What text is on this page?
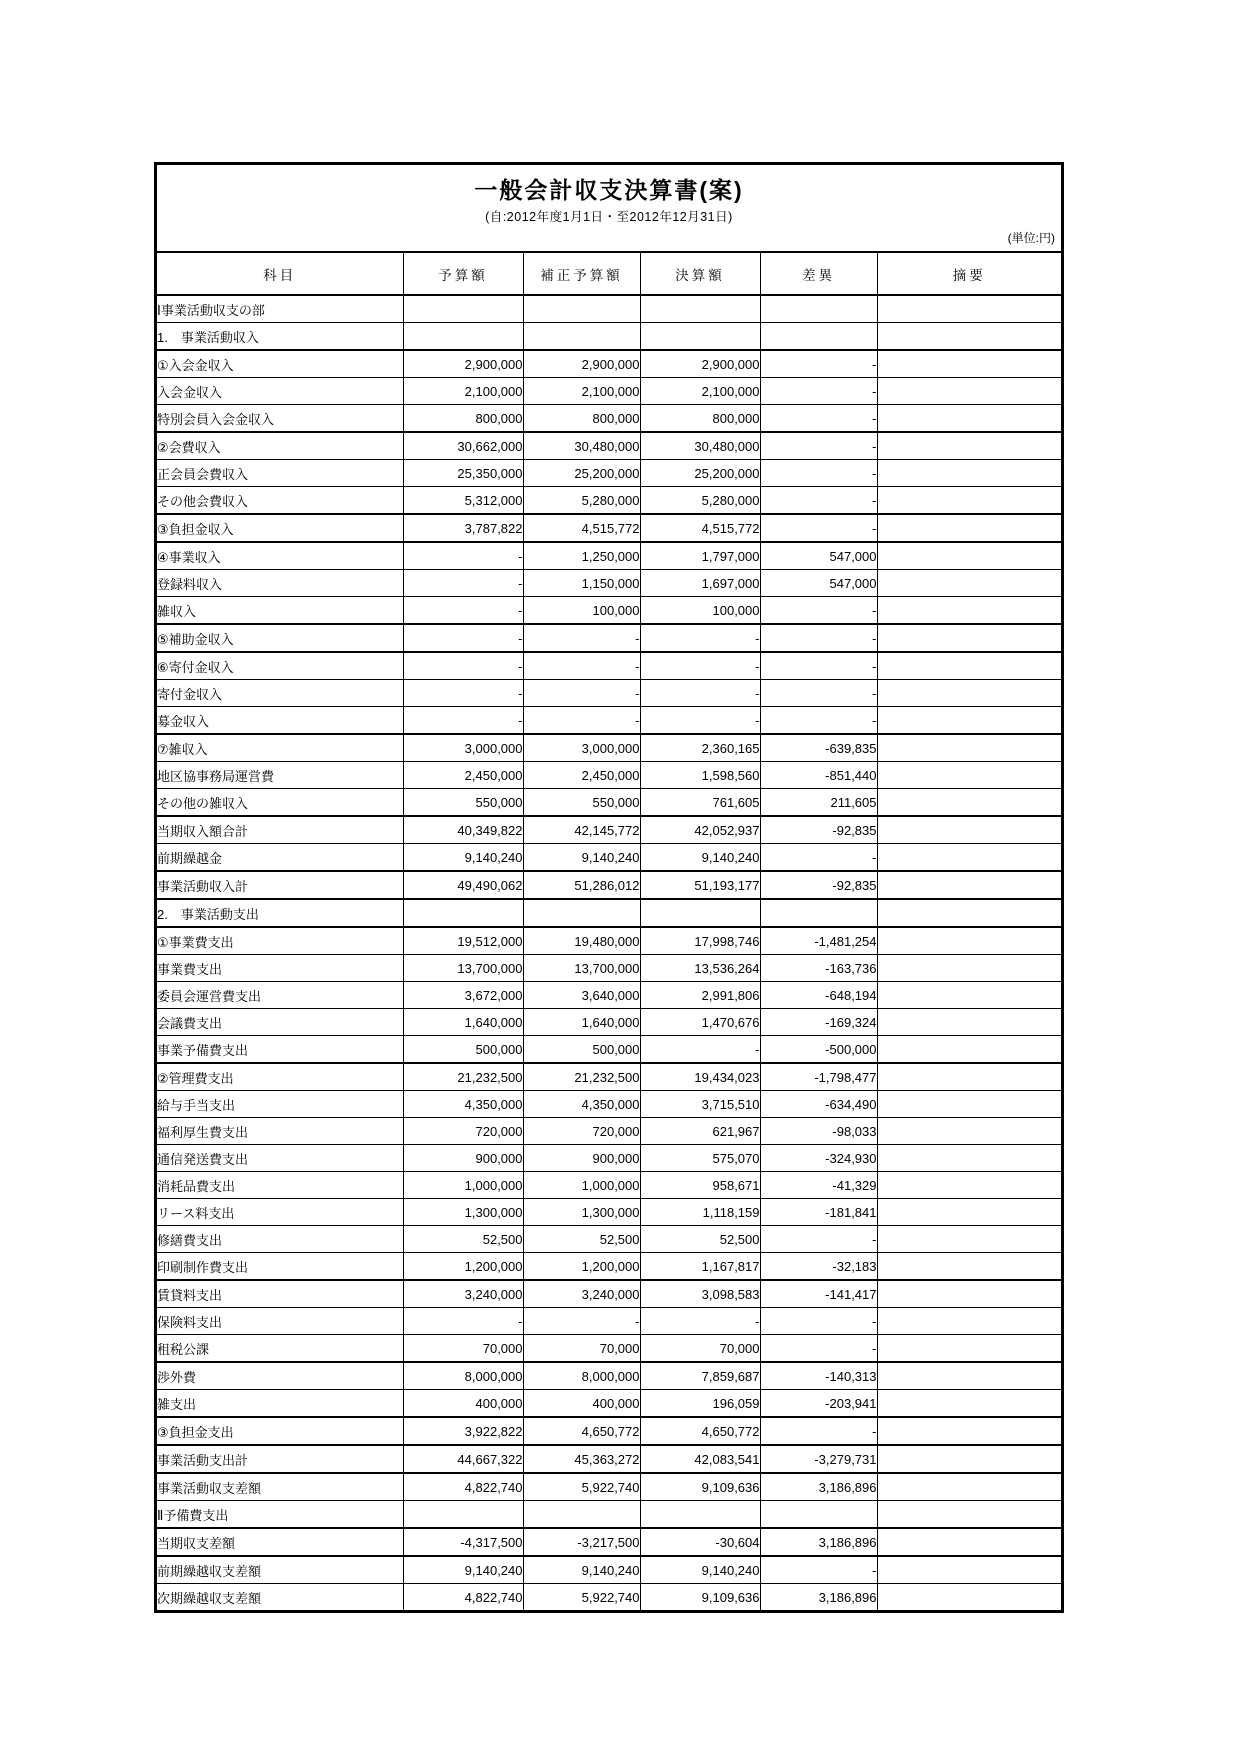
一般会計収支決算書(案)
(自:2012年度1月1日・至2012年12月31日)
(単位:円)
科目	予算額	補正予算額	決算額	差異	摘要
Ⅰ事業活動収支の部					
1.　事業活動収入					
①入会金収入	2,900,000	2,900,000	2,900,000	-	
入会金収入	2,100,000	2,100,000	2,100,000	-	
特別会員入会金収入	800,000	800,000	800,000	-	
②会費収入	30,662,000	30,480,000	30,480,000	-	
正会員会費収入	25,350,000	25,200,000	25,200,000	-	
その他会費収入	5,312,000	5,280,000	5,280,000	-	
③負担金収入	3,787,822	4,515,772	4,515,772	-	
④事業収入	-	1,250,000	1,797,000	547,000	
登録料収入	-	1,150,000	1,697,000	547,000	
雑収入	-	100,000	100,000	-	
⑤補助金収入	-	-	-	-	
⑥寄付金収入	-	-	-	-	
寄付金収入	-	-	-	-	
募金収入	-	-	-	-	
⑦雑収入	3,000,000	3,000,000	2,360,165	-639,835	
地区協事務局運営費	2,450,000	2,450,000	1,598,560	-851,440	
その他の雑収入	550,000	550,000	761,605	211,605	
当期収入額合計	40,349,822	42,145,772	42,052,937	-92,835	
前期繰越金	9,140,240	9,140,240	9,140,240	-	
事業活動収入計	49,490,062	51,286,012	51,193,177	-92,835	
2.　事業活動支出					
①事業費支出	19,512,000	19,480,000	17,998,746	-1,481,254	
事業費支出	13,700,000	13,700,000	13,536,264	-163,736	
委員会運営費支出	3,672,000	3,640,000	2,991,806	-648,194	
会議費支出	1,640,000	1,640,000	1,470,676	-169,324	
事業予備費支出	500,000	500,000	-	-500,000	
②管理費支出	21,232,500	21,232,500	19,434,023	-1,798,477	
給与手当支出	4,350,000	4,350,000	3,715,510	-634,490	
福利厚生費支出	720,000	720,000	621,967	-98,033	
通信発送費支出	900,000	900,000	575,070	-324,930	
消耗品費支出	1,000,000	1,000,000	958,671	-41,329	
リース料支出	1,300,000	1,300,000	1,118,159	-181,841	
修繕費支出	52,500	52,500	52,500	-	
印刷制作費支出	1,200,000	1,200,000	1,167,817	-32,183	
賃貸料支出	3,240,000	3,240,000	3,098,583	-141,417	
保険料支出	-	-	-	-	
租税公課	70,000	70,000	70,000	-	
渉外費	8,000,000	8,000,000	7,859,687	-140,313	
雑支出	400,000	400,000	196,059	-203,941	
③負担金支出	3,922,822	4,650,772	4,650,772	-	
事業活動支出計	44,667,322	45,363,272	42,083,541	-3,279,731	
事業活動収支差額	4,822,740	5,922,740	9,109,636	3,186,896	
Ⅱ予備費支出					
当期収支差額	-4,317,500	-3,217,500	-30,604	3,186,896	
前期繰越収支差額	9,140,240	9,140,240	9,140,240	-	
次期繰越収支差額	4,822,740	5,922,740	9,109,636	3,186,896	
